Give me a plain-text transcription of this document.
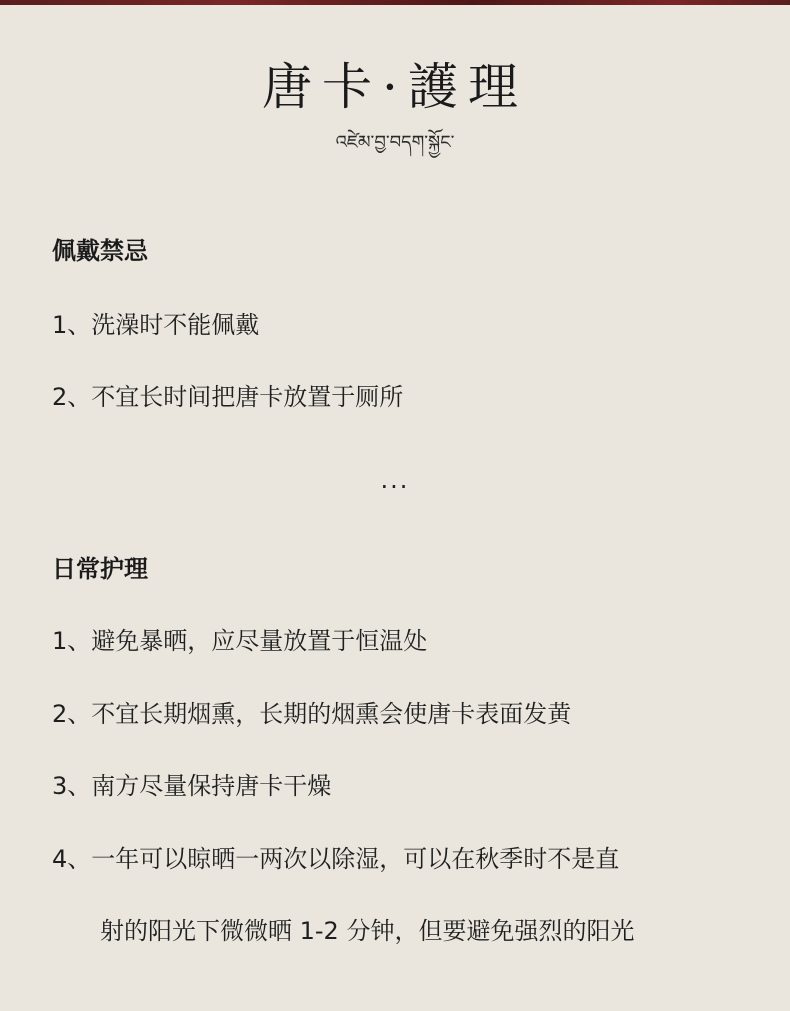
唐卡·護理
འཛེམ་བྱ་བདག་སྐྱོང་
佩戴禁忌
1、洗澡时不能佩戴
2、不宜长时间把唐卡放置于厕所
···
日常护理
1、避免暴晒，应尽量放置于恒温处
2、不宜长期烟熏，长期的烟熏会使唐卡表面发黄
3、南方尽量保持唐卡干燥
4、一年可以晾晒一两次以除湿，可以在秋季时不是直
射的阳光下微微晒 1-2 分钟，但要避免强烈的阳光
